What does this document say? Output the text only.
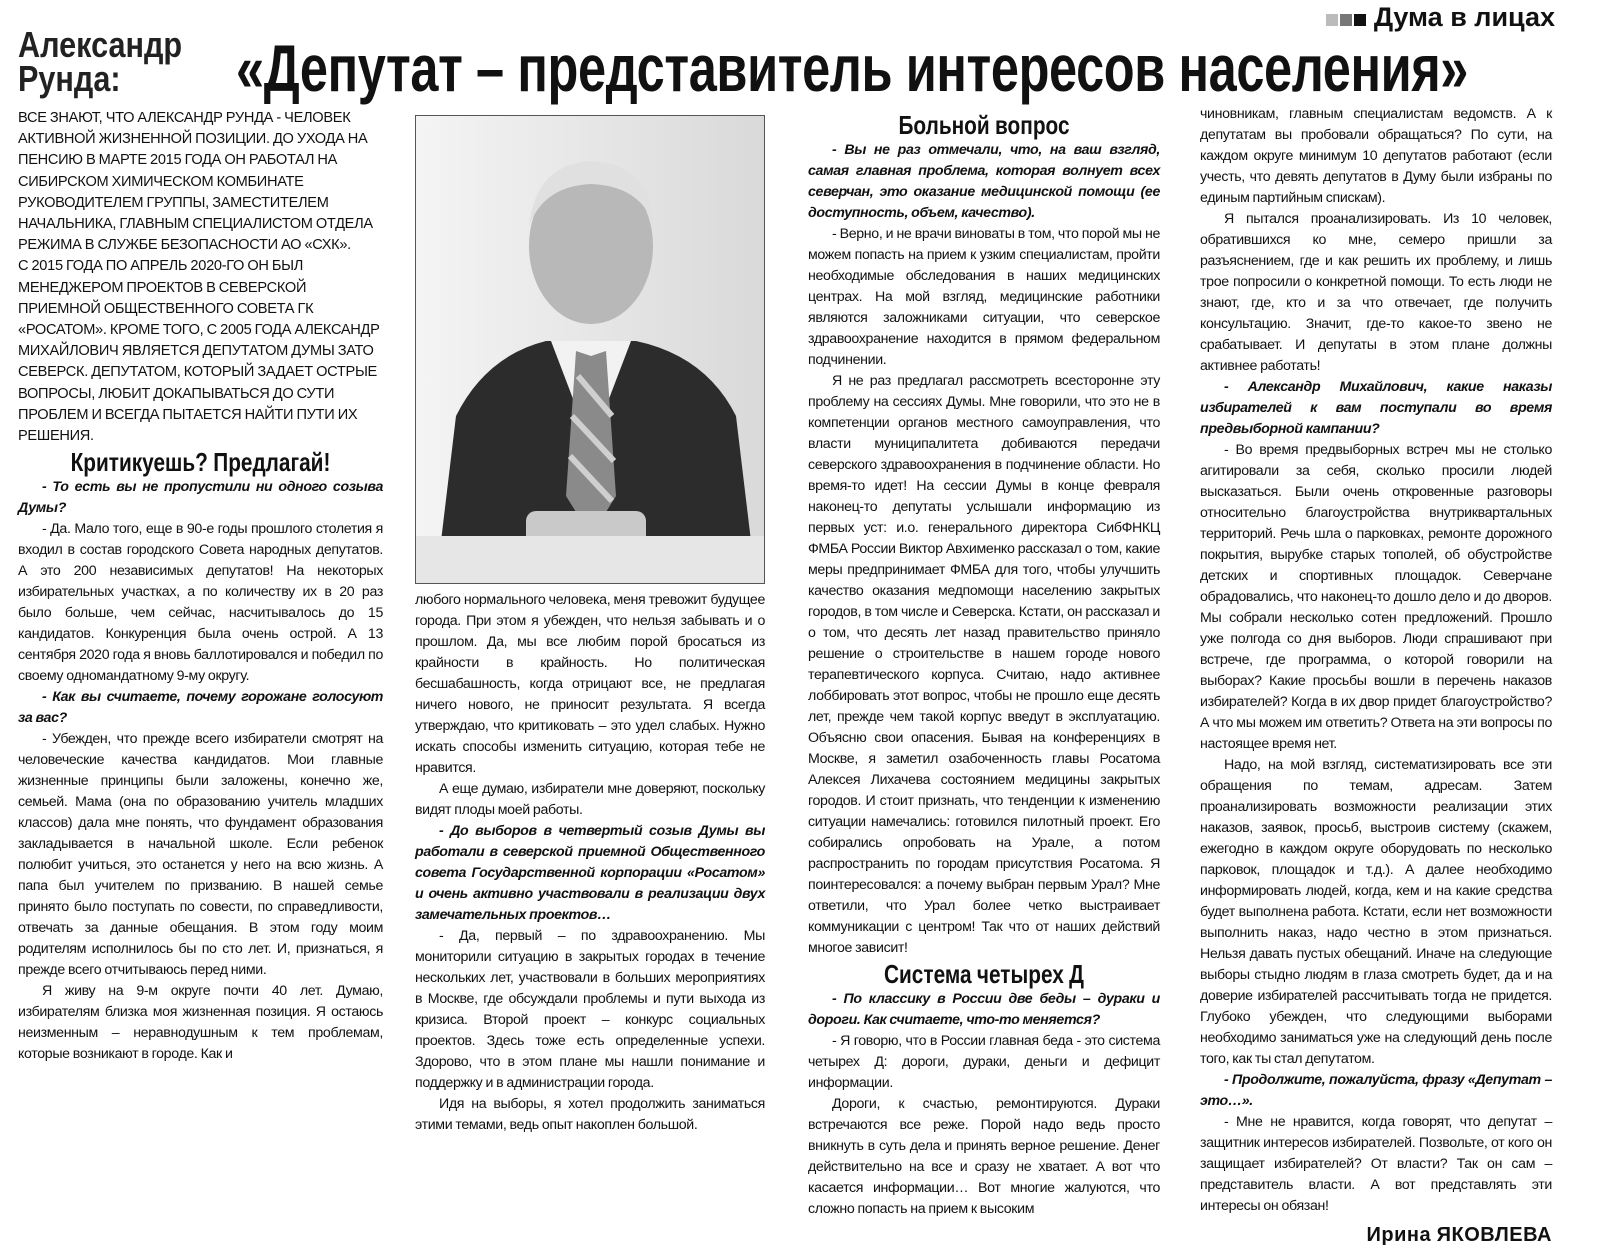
Дума в лицах
Александр
Рунда:	«Депутат – представитель интересов населения»

ВСЕ ЗНАЮТ, ЧТО АЛЕКСАНДР РУНДА - ЧЕЛОВЕК АКТИВНОЙ ЖИЗНЕННОЙ ПОЗИЦИИ. ДО УХОДА НА ПЕНСИЮ В МАРТЕ 2015 ГОДА ОН РАБОТАЛ НА СИБИРСКОМ ХИМИЧЕСКОМ КОМБИНАТЕ РУКОВОДИТЕЛЕМ ГРУППЫ, ЗАМЕСТИТЕЛЕМ НАЧАЛЬНИКА, ГЛАВНЫМ СПЕЦИАЛИСТОМ ОТДЕЛА РЕЖИМА В СЛУЖБЕ БЕЗОПАСНОСТИ АО «СХК».

С 2015 ГОДА ПО АПРЕЛЬ 2020-ГО ОН БЫЛ МЕНЕДЖЕРОМ ПРОЕКТОВ В СЕВЕРСКОЙ ПРИЕМНОЙ ОБЩЕСТВЕННОГО СОВЕТА ГК «РОСАТОМ». КРОМЕ ТОГО, С 2005 ГОДА АЛЕКСАНДР МИХАЙЛОВИЧ ЯВЛЯЕТСЯ ДЕПУТАТОМ ДУМЫ ЗАТО СЕВЕРСК. ДЕПУТАТОМ, КОТОРЫЙ ЗАДАЕТ ОСТРЫЕ ВОПРОСЫ, ЛЮБИТ ДОКАПЫВАТЬСЯ ДО СУТИ ПРОБЛЕМ И ВСЕГДА ПЫТАЕТСЯ НАЙТИ ПУТИ ИХ РЕШЕНИЯ.

Критикуешь? Предлагай!

- То есть вы не пропустили ни одного созыва Думы?

- Да. Мало того, еще в 90-е годы прошлого столетия я входил в состав городского Совета народных депутатов. А это 200 независимых депутатов! На некоторых избирательных участках, а по количеству их в 20 раз было больше, чем сейчас, насчитывалось до 15 кандидатов. Конкуренция была очень острой. А 13 сентября 2020 года я вновь баллотировался и победил по своему одномандатному 9-му округу.

- Как вы считаете, почему горожане голосуют за вас?

- Убежден, что прежде всего избиратели смотрят на человеческие качества кандидатов. Мои главные жизненные принципы были заложены, конечно же, семьей. Мама (она по образованию учитель младших классов) дала мне понять, что фундамент образования закладывается в начальной школе. Если ребенок полюбит учиться, это останется у него на всю жизнь. А папа был учителем по призванию. В нашей семье принято было поступать по совести, по справедливости, отвечать за данные обещания. В этом году моим родителям исполнилось бы по сто лет. И, признаться, я прежде всего отчитываюсь перед ними.

Я живу на 9-м округе почти 40 лет. Думаю, избирателям близка моя жизненная позиция. Я остаюсь неизменным – неравнодушным к тем проблемам, которые возникают в городе. Как и

любого нормального человека, меня тревожит будущее города. При этом я убежден, что нельзя забывать и о прошлом. Да, мы все любим порой бросаться из крайности в крайность. Но политическая бесшабашность, когда отрицают все, не предлагая ничего нового, не приносит результата. Я всегда утверждаю, что критиковать – это удел слабых. Нужно искать способы изменить ситуацию, которая тебе не нравится.

А еще думаю, избиратели мне доверяют, поскольку видят плоды моей работы.

- До выборов в четвертый созыв Думы вы работали в северской приемной Общественного совета Государственной корпорации «Росатом» и очень активно участвовали в реализации двух замечательных проектов…

- Да, первый – по здравоохранению. Мы мониторили ситуацию в закрытых городах в течение нескольких лет, участвовали в больших мероприятиях в Москве, где обсуждали проблемы и пути выхода из кризиса. Второй проект – конкурс социальных проектов. Здесь тоже есть определенные успехи. Здорово, что в этом плане мы нашли понимание и поддержку и в администрации города.

Идя на выборы, я хотел продолжить заниматься этими темами, ведь опыт накоплен большой.

Больной вопрос

- Вы не раз отмечали, что, на ваш взгляд, самая главная проблема, которая волнует всех северчан, это оказание медицинской помощи (ее доступность, объем, качество).

- Верно, и не врачи виноваты в том, что порой мы не можем попасть на прием к узким специалистам, пройти необходимые обследования в наших медицинских центрах. На мой взгляд, медицинские работники являются заложниками ситуации, что северское здравоохранение находится в прямом федеральном подчинении.

Я не раз предлагал рассмотреть всесторонне эту проблему на сессиях Думы. Мне говорили, что это не в компетенции органов местного самоуправления, что власти муниципалитета добиваются передачи северского здравоохранения в подчинение области. Но время-то идет! На сессии Думы в конце февраля наконец-то депутаты услышали информацию из первых уст: и.о. генерального директора СибФНКЦ ФМБА России Виктор Авхименко рассказал о том, какие меры предпринимает ФМБА для того, чтобы улучшить качество оказания медпомощи населению закрытых городов, в том числе и Северска. Кстати, он рассказал и о том, что десять лет назад правительство приняло решение о строительстве в нашем городе нового терапевтического корпуса. Считаю, надо активнее лоббировать этот вопрос, чтобы не прошло еще десять лет, прежде чем такой корпус введут в эксплуатацию. Объясню свои опасения. Бывая на конференциях в Москве, я заметил озабоченность главы Росатома Алексея Лихачева состоянием медицины закрытых городов. И стоит признать, что тенденции к изменению ситуации намечались: готовился пилотный проект. Его собирались опробовать на Урале, а потом распространить по городам присутствия Росатома. Я поинтересовался: а почему выбран первым Урал? Мне ответили, что Урал более четко выстраивает коммуникации с центром! Так что от наших действий многое зависит!

Система четырех Д

- По классику в России две беды – дураки и дороги. Как считаете, что-то меняется?

- Я говорю, что в России главная беда - это система четырех Д: дороги, дураки, деньги и дефицит информации.

Дороги, к счастью, ремонтируются. Дураки встречаются все реже. Порой надо ведь просто вникнуть в суть дела и принять верное решение. Денег действительно на все и сразу не хватает. А вот что касается информации… Вот многие жалуются, что сложно попасть на прием к высоким

чиновникам, главным специалистам ведомств. А к депутатам вы пробовали обращаться? По сути, на каждом округе минимум 10 депутатов работают (если учесть, что девять депутатов в Думу были избраны по единым партийным спискам).

Я пытался проанализировать. Из 10 человек, обратившихся ко мне, семеро пришли за разъяснением, где и как решить их проблему, и лишь трое попросили о конкретной помощи. То есть люди не знают, где, кто и за что отвечает, где получить консультацию. Значит, где-то какое-то звено не срабатывает. И депутаты в этом плане должны активнее работать!

- Александр Михайлович, какие наказы избирателей к вам поступали во время предвыборной кампании?

- Во время предвыборных встреч мы не столько агитировали за себя, сколько просили людей высказаться. Были очень откровенные разговоры относительно благоустройства внутриквартальных территорий. Речь шла о парковках, ремонте дорожного покрытия, вырубке старых тополей, об обустройстве детских и спортивных площадок. Северчане обрадовались, что наконец-то дошло дело и до дворов. Мы собрали несколько сотен предложений. Прошло уже полгода со дня выборов. Люди спрашивают при встрече, где программа, о которой говорили на выборах? Какие просьбы вошли в перечень наказов избирателей? Когда в их двор придет благоустройство? А что мы можем им ответить? Ответа на эти вопросы по настоящее время нет.

Надо, на мой взгляд, систематизировать все эти обращения по темам, адресам. Затем проанализировать возможности реализации этих наказов, заявок, просьб, выстроив систему (скажем, ежегодно в каждом округе оборудовать по несколько парковок, площадок и т.д.). А далее необходимо информировать людей, когда, кем и на какие средства будет выполнена работа. Кстати, если нет возможности выполнить наказ, надо честно в этом признаться. Нельзя давать пустых обещаний. Иначе на следующие выборы стыдно людям в глаза смотреть будет, да и на доверие избирателей рассчитывать тогда не придется. Глубоко убежден, что следующими выборами необходимо заниматься уже на следующий день после того, как ты стал депутатом.

- Продолжите, пожалуйста, фразу «Депутат – это…».

- Мне не нравится, когда говорят, что депутат – защитник интересов избирателей. Позвольте, от кого он защищает избирателей? От власти? Так он сам – представитель власти. А вот представлять эти интересы он обязан!

Ирина ЯКОВЛЕВА
